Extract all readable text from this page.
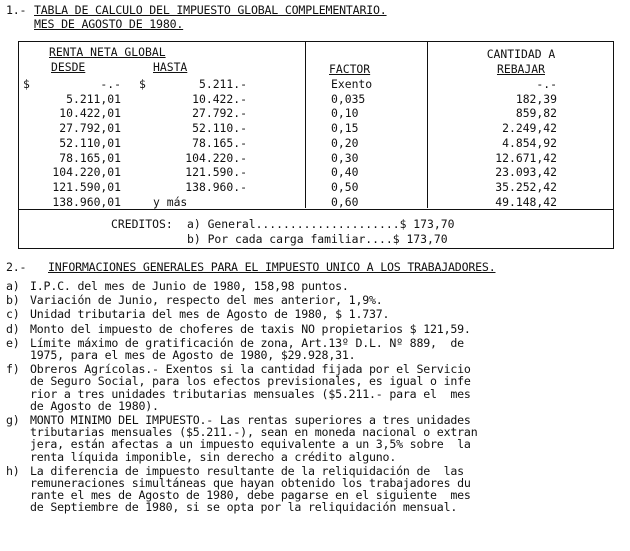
1.- TABLA DE CALCULO DEL IMPUESTO GLOBAL COMPLEMENTARIO.
MES DE AGOSTO DE 1980.
RENTA NETA GLOBAL
DESDE	HASTA	FACTOR
CANTIDAD A
REBAJAR
$	-.- $	5.211.-	Exento	-.-
5.211,01	10.422.-	0,035	182,39
10.422,01	27.792.-	0,10	859,82
27.792,01	52.110.-	0,15	2.249,42
52.110,01	78.165.-	0,20	4.854,92
78.165,01	104.220.-	0,30	12.671,42
104.220,01	121.590.-	0,40	23.093,42
121.590,01	138.960.-	0,50	35.252,42
138.960,01	y más	0,60	49.148,42
CREDITOS: a) General.....................$ 173,70
b) Por cada carga familiar....$ 173,70
2.- INFORMACIONES GENERALES PARA EL IMPUESTO UNICO A LOS TRABAJADORES.
a) I.P.C. del mes de Junio de 1980, 158,98 puntos.
b) Variación de Junio, respecto del mes anterior, 1,9%.
c) Unidad tributaria del mes de Agosto de 1980, $ 1.737.
d) Monto del impuesto de choferes de taxis NO propietarios $ 121,59.
e) Límite máximo de gratificación de zona, Art.13º D.L. Nº 889,  de
1975, para el mes de Agosto de 1980, $29.928,31.
f) Obreros Agrícolas.- Exentos si la cantidad fijada por el Servicio
de Seguro Social, para los efectos previsionales, es igual o infe
rior a tres unidades tributarias mensuales ($5.211.- para el  mes
de Agosto de 1980).
g) MONTO MINIMO DEL IMPUESTO.- Las rentas superiores a tres unidades
tributarias mensuales ($5.211.-), sean en moneda nacional o extran
jera, están afectas a un impuesto equivalente a un 3,5% sobre  la
renta líquida imponible, sin derecho a crédito alguno.
h) La diferencia de impuesto resultante de la reliquidación de  las
remuneraciones simultáneas que hayan obtenido los trabajadores du
rante el mes de Agosto de 1980, debe pagarse en el siguiente  mes
de Septiembre de 1980, si se opta por la reliquidación mensual.
